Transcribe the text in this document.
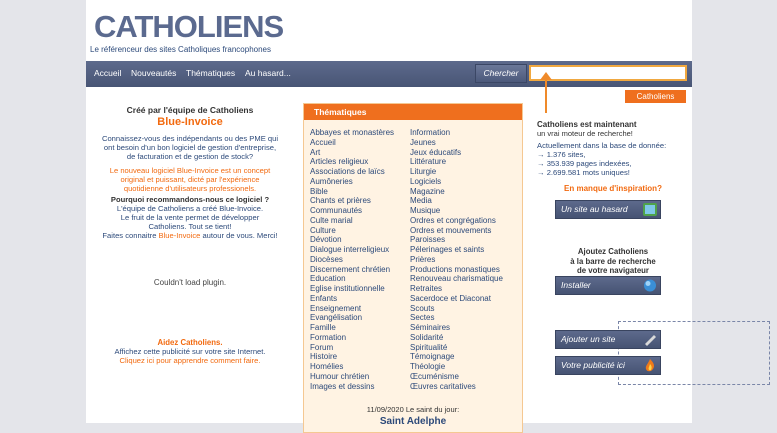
CATHOLIENS
Le référenceur des sites Catholiques francophones
Accueil Nouveautés Thématiques Au hasard...	Chercher
Catholiens
Créé par l'équipe de Catholiens
Blue-Invoice
Connaissez-vous des indépendants ou des PME qui
ont besoin d'un bon logiciel de gestion d'entreprise,
de facturation et de gestion de stock?
Le nouveau logiciel Blue-Invoice est un concept
original et puissant, dicté par l'expérience
quotidienne d'utilisateurs professionels.
Pourquoi recommandons-nous ce logiciel ?
L'équipe de Catholiens a créé Blue-Invoice.
Le fruit de la vente permet de développer
Catholiens. Tout se tient!
Faites connaitre Blue-Invoice autour de vous. Merci!
Couldn't load plugin.
Aidez Catholiens.
Affichez cette publicité sur votre site Internet.
Cliquez ici pour apprendre comment faire.
Thématiques
Abbayes et monastères
Accueil
Art
Articles religieux
Associations de laïcs
Aumôneries
Bible
Chants et prières
Communautés
Culte marial
Culture
Dévotion
Dialogue interreligieux
Diocèses
Discernement chrétien
Education
Eglise institutionnelle
Enfants
Enseignement
Evangélisation
Famille
Formation
Forum
Histoire
Homélies
Humour chrétien
Images et dessins
Information
Jeunes
Jeux éducatifs
Littérature
Liturgie
Logiciels
Magazine
Media
Musique
Ordres et congrégations
Ordres et mouvements
Paroisses
Pélerinages et saints
Prières
Productions monastiques
Renouveau charismatique
Retraites
Sacerdoce et Diaconat
Scouts
Sectes
Séminaires
Solidarité
Spiritualité
Témoignage
Théologie
Œcuménisme
Œuvres caritatives
11/09/2020 Le saint du jour:
Saint Adelphe
Catholiens est maintenant
un vrai moteur de recherche!
Actuellement dans la base de donnée:
→ 1.376 sites,
→ 353.939 pages indexées,
→ 2.699.581 mots uniques!
En manque d'inspiration?
Un site au hasard
Ajoutez Catholiens
à la barre de recherche
de votre navigateur
Installer
Ajouter un site
Votre publicité ici
